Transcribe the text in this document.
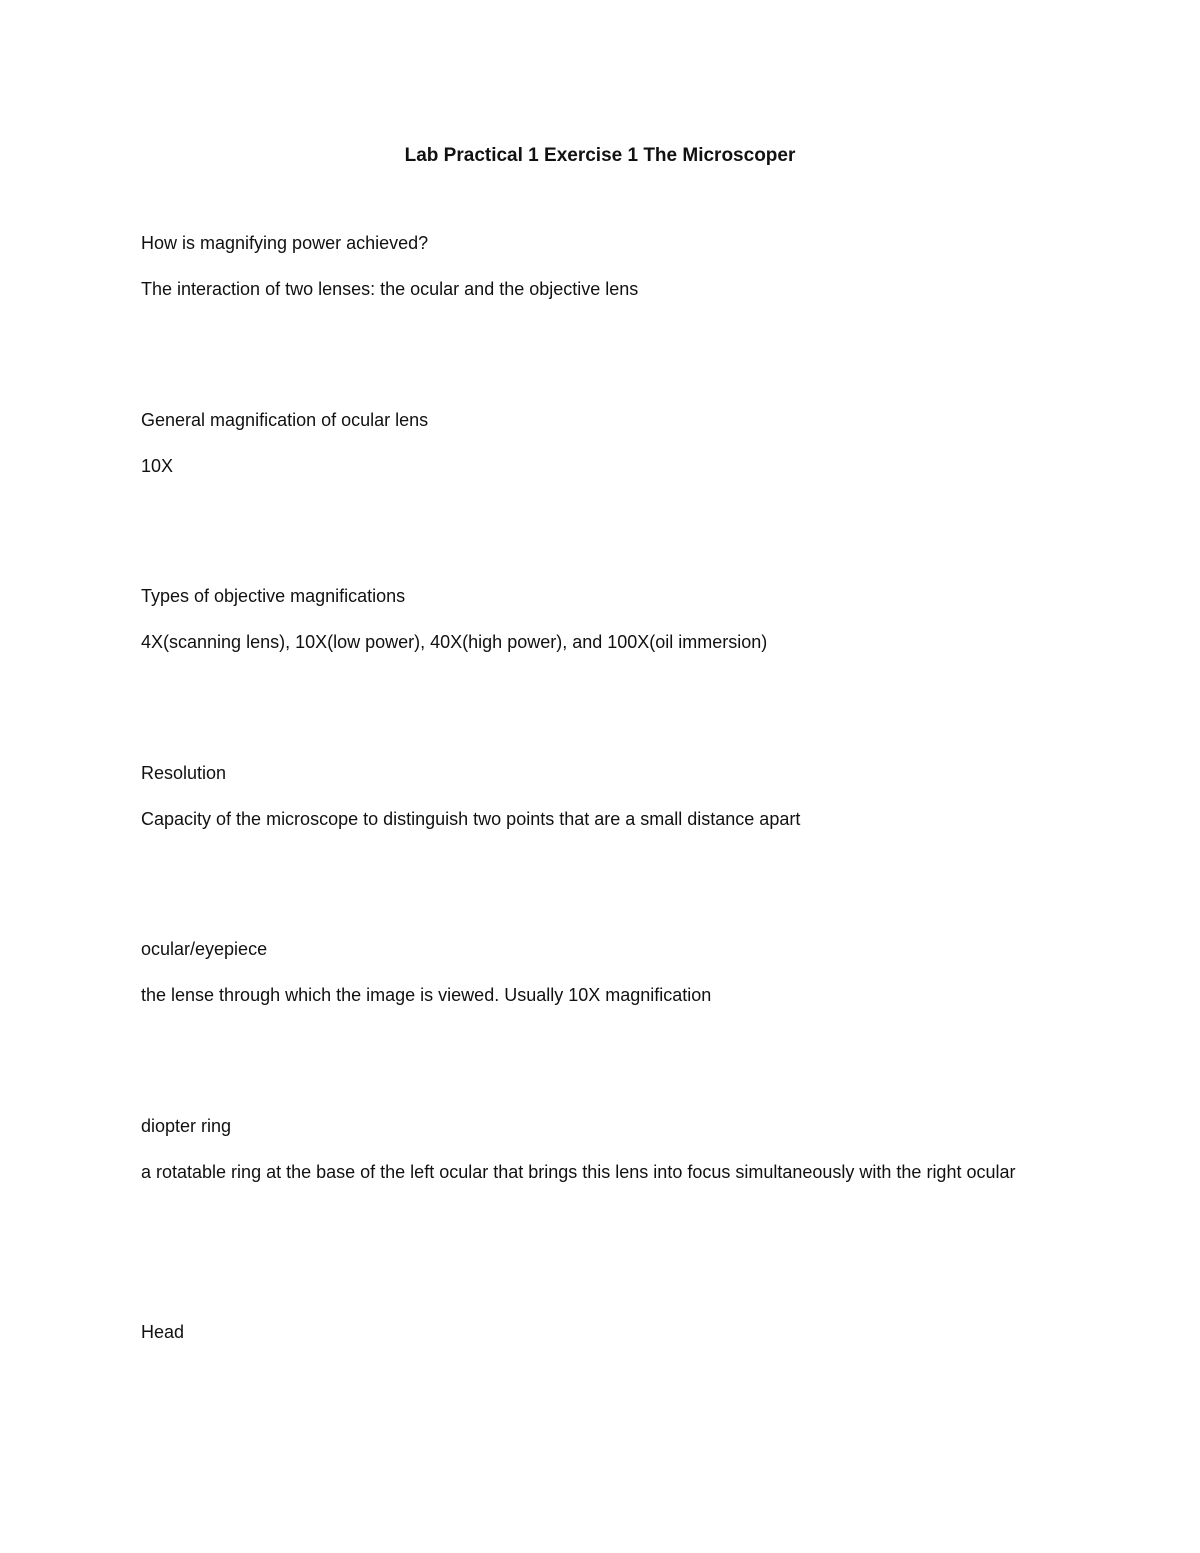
Lab Practical 1 Exercise 1 The Microscoper
How is magnifying power achieved?
The interaction of two lenses: the ocular and the objective lens
General magnification of ocular lens
10X
Types of objective magnifications
4X(scanning lens), 10X(low power), 40X(high power), and 100X(oil immersion)
Resolution
Capacity of the microscope to distinguish two points that are a small distance apart
ocular/eyepiece
the lense through which the image is viewed. Usually 10X magnification
diopter ring
a rotatable ring at the base of the left ocular that brings this lens into focus simultaneously with the right ocular
Head
